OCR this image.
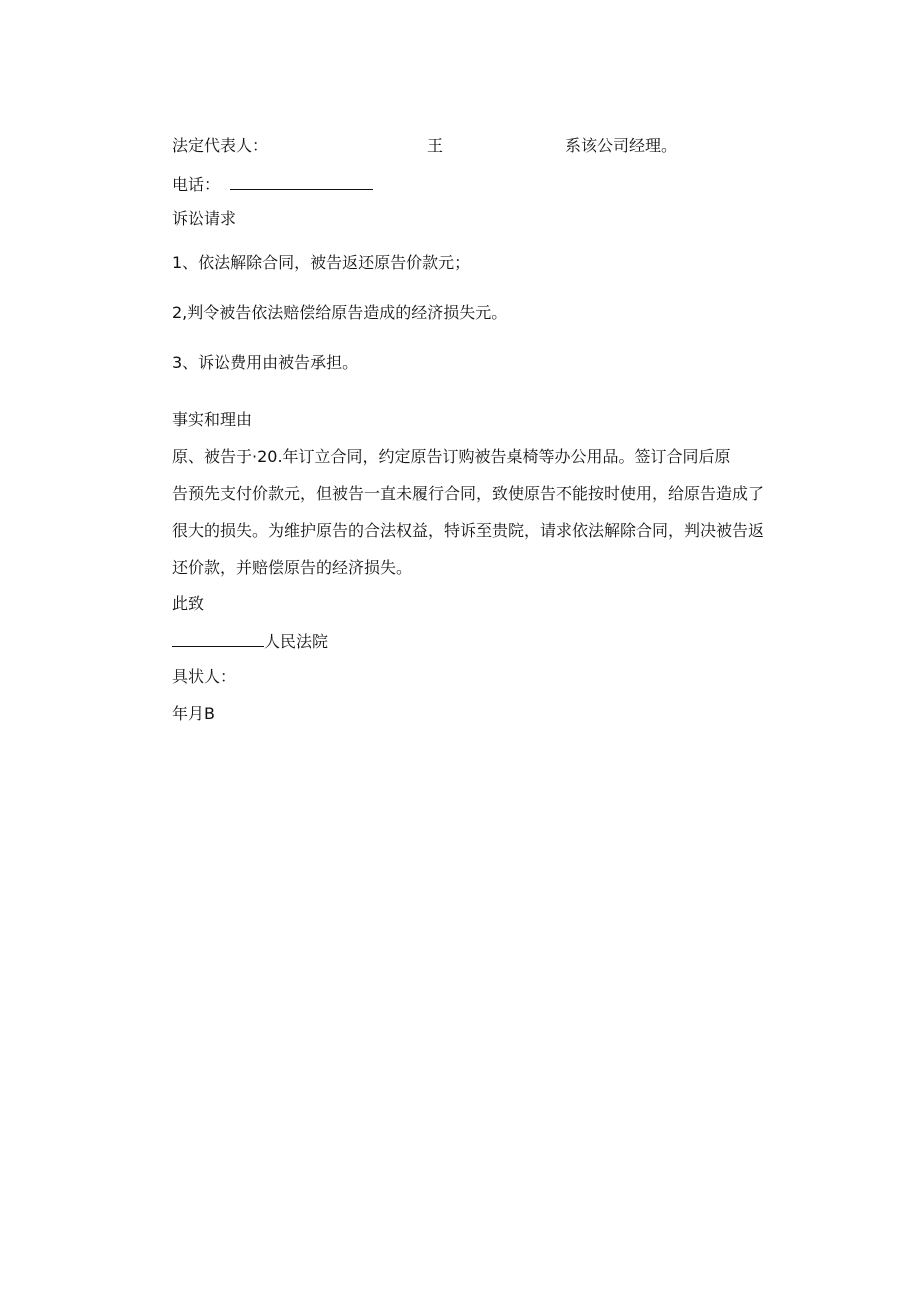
法定代表人：	王	系该公司经理。
电话：
诉讼请求
1、依法解除合同，被告返还原告价款元；
2,判令被告依法赔偿给原告造成的经济损失元。
3、诉讼费用由被告承担。
事实和理由
原、被告于·20.年订立合同，约定原告订购被告桌椅等办公用品。签订合同后原
告预先支付价款元，但被告一直未履行合同，致使原告不能按时使用，给原告造成了
很大的损失。为维护原告的合法权益，特诉至贵院，请求依法解除合同，判决被告返
还价款，并赔偿原告的经济损失。
此致
人民法院
具状人：
年月B
